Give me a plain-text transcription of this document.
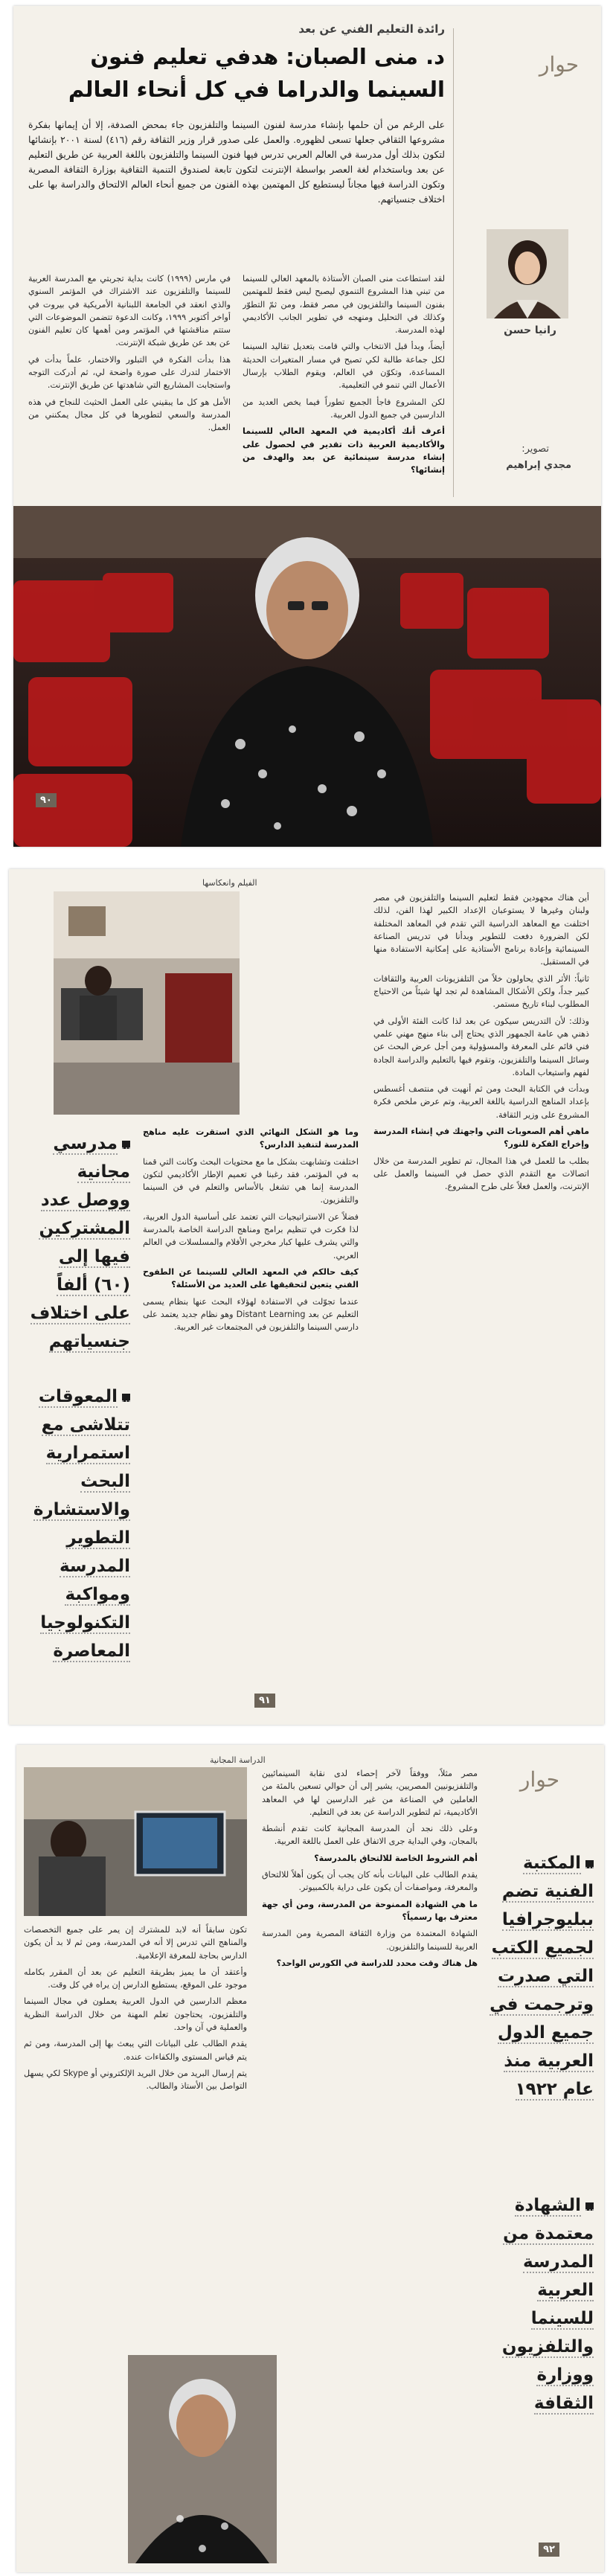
حوار
رانيا حسن
تصوير:
مجدي إبراهيم
رائدة التعليم الفني عن بعد
د. منى الصبان: هدفي تعليم فنون
السينما والدراما في كل أنحاء العالم
على الرغم من أن حلمها بإنشاء مدرسة لفنون السينما والتلفزيون جاء بمحض الصدفة، إلا أن إيمانها بفكرة مشروعها الثقافي جعلها تسعى لظهوره. والعمل على صدور قرار وزير الثقافة رقم (٤١٦) لسنة ٢٠٠١ بإنشائها لتكون بذلك أول مدرسة في العالم العربي تدرس فيها فنون السينما والتلفزيون باللغة العربية عن طريق التعليم عن بعد وباستخدام لغة العصر بواسطة الإنترنت لتكون تابعة لصندوق التنمية الثقافية بوزارة الثقافة المصرية وتكون الدراسة فيها مجاناً ليستطيع كل المهتمين بهذه الفنون من جميع أنحاء العالم الالتحاق والدراسة بها على اختلاف جنسياتهم.

لقد استطاعت منى الصبان الأستاذة بالمعهد العالي للسينما من تبني هذا المشروع التنموي ليصبح ليس فقط للمهتمين بفنون السينما والتلفزيون في مصر فقط، ومن ثمّ التطوّر وكذلك في التحليل ومنهجه في تطوير الجانب الأكاديمي لهذه المدرسة.

أيضاً، وبدأ قبل الانتخاب والتي قامت بتعديل تقاليد السينما لكل جماعة طالبة لكي تصيح في مسار المتغيرات الحديثة المساعدة، وتكوّن في العالم، ويقوم الطلاب بإرسال الأعمال التي تنمو في التعليمية.

لكن المشروع فاجأ الجميع تطوراً فيما يخص العديد من الدارسين في جميع الدول العربية.

أعرف أنك أكاديمية في المعهد العالي للسينما والأكاديمية العربية ذات تقدير في لحصول على إنشاء مدرسة سينمائية عن بعد والهدف من إنشائها؟

في مارس (١٩٩٩) كانت بداية تجربتي مع المدرسة العربية للسينما والتلفزيون عند الاشتراك في المؤتمر السنوي والذي انعقد في الجامعة اللبنانية الأمريكية في بيروت في أواخر أكتوبر ١٩٩٩، وكانت الدعوة تتضمن الموضوعات التي ستتم مناقشتها في المؤتمر ومن أهمها كان تعليم الفنون عن بعد عن طريق شبكة الإنترنت.

هذا بدأت الفكرة في التبلور والاختمار، علماً بدأت في الاختمار لتدرك على صورة واضحة لي، ثم أدركت التوجه واستجابت المشاريع التي شاهدتها عن طريق الإنترنت.

الأمل هو كل ما يبقيني على العمل الحثيث للنجاح في هذه المدرسة والسعي لتطويرها في كل مجال يمكنني من العمل.

٩٠
الفيلم وانعكاسها
مدرسي مجانية ووصل عدد المشتركين فيها إلى (٦٠) ألفاً على اختلاف جنسياتهم
المعوقات تتلاشى مع استمرارية البحث والاستشارة التطوير المدرسة ومواكبة التكنولوجيا المعاصرة

وما هو الشكل النهائي الذي استقرت عليه مناهج المدرسة لتنفيذ الدارس؟

اختلفت وتشابهت بشكل ما مع محتويات البحث وكانت التي قمنا به في المؤتمر، فقد رغبنا في تعميم الإطار الأكاديمي لتكون المدرسة إنما هي تشغل بالأساس والتعلم في فن السينما والتلفزيون.

فضلاً عن الاستراتيجيات التي تعتمد على أساسية الدول العربية، لذا فكرت في تنظيم برامج ومناهج الدراسة الخاصة بالمدرسة والتي يشرف عليها كبار مخرجي الأفلام والمسلسلات في العالم العربي.

كيف حالكم في المعهد العالي للسينما عن الطفوح الفني يتعين لتحقيقها على العديد من الأسئلة؟

عندما تجوّلت في الاستفادة لهؤلاء البحث عنها بنظام يسمى التعليم عن بعد Distant Learning وهو نظام جديد يعتمد على دارسي السينما والتلفزيون في المجتمعات غير العربية.

أين هناك مجهودين فقط لتعليم السينما والتلفزيون في مصر ولبنان وغيرها لا يستوعبان الإعداد الكبير لهذا الفن، لذلك اختلفت مع المعاهد الدراسية التي تقدم في المعاهد المختلفة لكن الضرورة دفعت للتطوير وبدأنا في تدريس الصناعة السينمائية وإعادة برنامج الأستاذية على إمكانية الاستفادة منها في المستقبل.

ثانياً: الأثر الذي يحاولون خلاً من التلفزيونات العربية والثقافات كبير جداً، ولكن الأشكال المشاهدة لم تجد لها شيئاً من الاحتياج المطلوب لبناء تاريخ مستمر.

وذلك: لأن التدريس سيكون عن بعد لذا كانت الفئة الأولى في ذهني هي عامة الجمهور الذي يحتاج إلى بناء منهج مهني علمي فني قائم على المعرفة والمسؤولية ومن أجل عرض البحث عن وسائل السينما والتلفزيون، وتقوم فيها بالتعليم والدراسة الجادة لفهم واستيعاب المادة.

وبدأت في الكتابة البحث ومن ثم أنهيت في منتصف أغسطس بإعداد المناهج الدراسية باللغة العربية، وتم عرض ملخص فكرة المشروع على وزير الثقافة.

ماهي أهم الصعوبات التي واجهتك في إنشاء المدرسة وإخراج الفكرة للنور؟

بطلب ما للعمل في هذا المجال، تم تطوير المدرسة من خلال اتصالات مع التقدم الذي حصل في السينما والعمل على الإنترنت، والعمل فعلاً على طرح المشروع.

٩١
حوار
الدراسة المجانية

تكون سابقاً أنه لابد للمشترك إن يمر على جميع التخصصات والمناهج التي تدرس إلا أنه في المدرسة، ومن ثم لا بد أن يكون الدارس بحاجة للمعرفة الإعلامية.

وأعتقد أن ما يميز بطريقة التعليم عن بعد أن المقرر بكامله موجود على الموقع، يستطيع الدارس إن يراه في كل وقت.

معظم الدارسين في الدول العربية يعملون في مجال السينما والتلفزيون، يحتاجون تعلم المهنة من خلال الدراسة النظرية والعملية في آن واحد.

يقدم الطالب على البيانات التي يبعث بها إلى المدرسة، ومن ثم يتم قياس المستوى والكفاءات عنده.

يتم إرسال البريد من خلال البريد الإلكتروني أو Skype لكي يسهل التواصل بين الأستاذ والطالب.

مصر مثلاً، ووفقاً لآخر إحصاء لدى نقابة السينمائيين والتلفزيونيين المصريين، يشير إلى أن حوالي تسعين بالمئة من العاملين في الصناعة من غير الدارسين لها في المعاهد الأكاديمية، ثم لتطوير الدراسة عن بعد في التعليم.

وعلى ذلك نجد أن المدرسة المجانية كانت تقدم أنشطة بالمجان، وفي البداية جرى الاتفاق على العمل باللغة العربية.

أهم الشروط الخاصة للالتحاق بالمدرسة؟

يقدم الطالب على البيانات بأنه كان يجب أن يكون أهلاً للالتحاق والمعرفة، ومواصفات أن يكون على دراية بالكمبيوتر.

ما هي الشهادة الممنوحة من المدرسة، ومن أي جهة معترف بها رسمياً؟

الشهادة المعتمدة من وزارة الثقافة المصرية ومن المدرسة العربية للسينما والتلفزيون.

هل هناك وقت محدد للدراسة في الكورس الواحد؟

المكتبة الفنية تضم ببليوجرافيا لجميع الكتب التي صدرت وترجمت في جميع الدول العربية منذ عام ١٩٢٢
الشهادة معتمدة من المدرسة العربية للسينما والتلفزيون ووزارة الثقافة
٩٢
